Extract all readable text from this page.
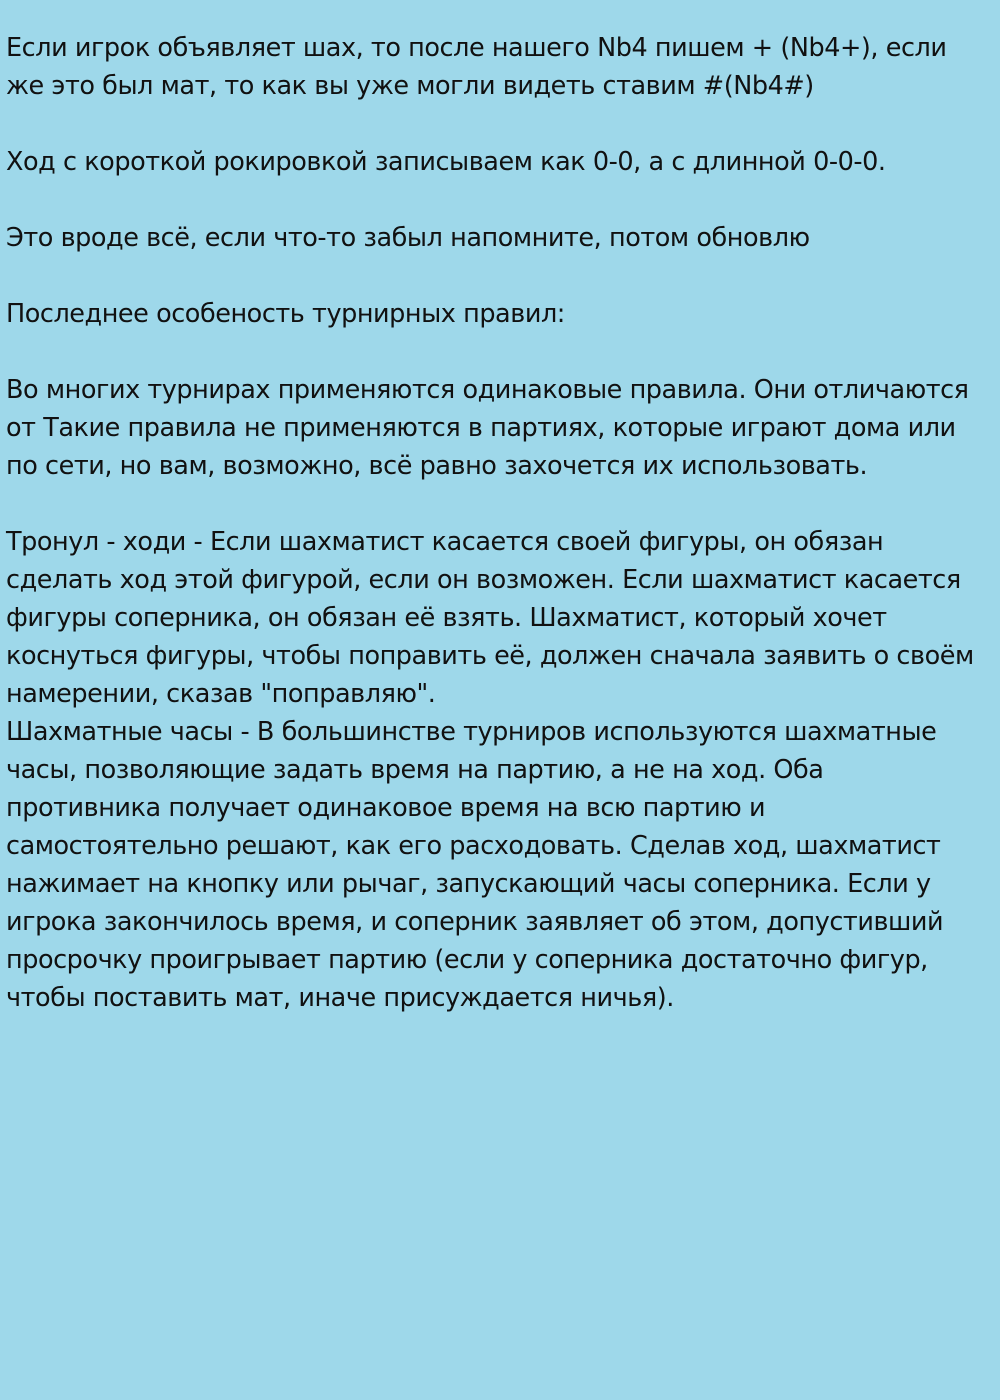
Если игрок объявляет шах, то после нашего Nb4 пишем + (Nb4+), если же это был мат, то как вы уже могли видеть ставим #(Nb4#)

Ход с короткой рокировкой записываем как 0-0, а с длинной 0-0-0.

Это вроде всё, если что-то забыл напомните, потом обновлю

Последнее особеность турнирных правил:

Во многих турнирах применяются одинаковые правила. Они отличаются от Такие правила не применяются в партиях, которые играют дома или по сети, но вам, возможно, всё равно захочется их использовать.

Тронул - ходи - Если шахматист касается своей фигуры, он обязан сделать ход этой фигурой, если он возможен. Если шахматист касается фигуры соперника, он обязан её взять. Шахматист, который хочет коснуться фигуры, чтобы поправить её, должен сначала заявить о своём намерении, сказав "поправляю".

Шахматные часы - В большинстве турниров используются шахматные часы, позволяющие задать время на партию, а не на ход. Оба противника получает одинаковое время на всю партию и самостоятельно решают, как его расходовать. Сделав ход, шахматист нажимает на кнопку или рычаг, запускающий часы соперника. Если у игрока закончилось время, и соперник заявляет об этом, допустивший просрочку проигрывает партию (если у соперника достаточно фигур, чтобы поставить мат, иначе присуждается ничья).
